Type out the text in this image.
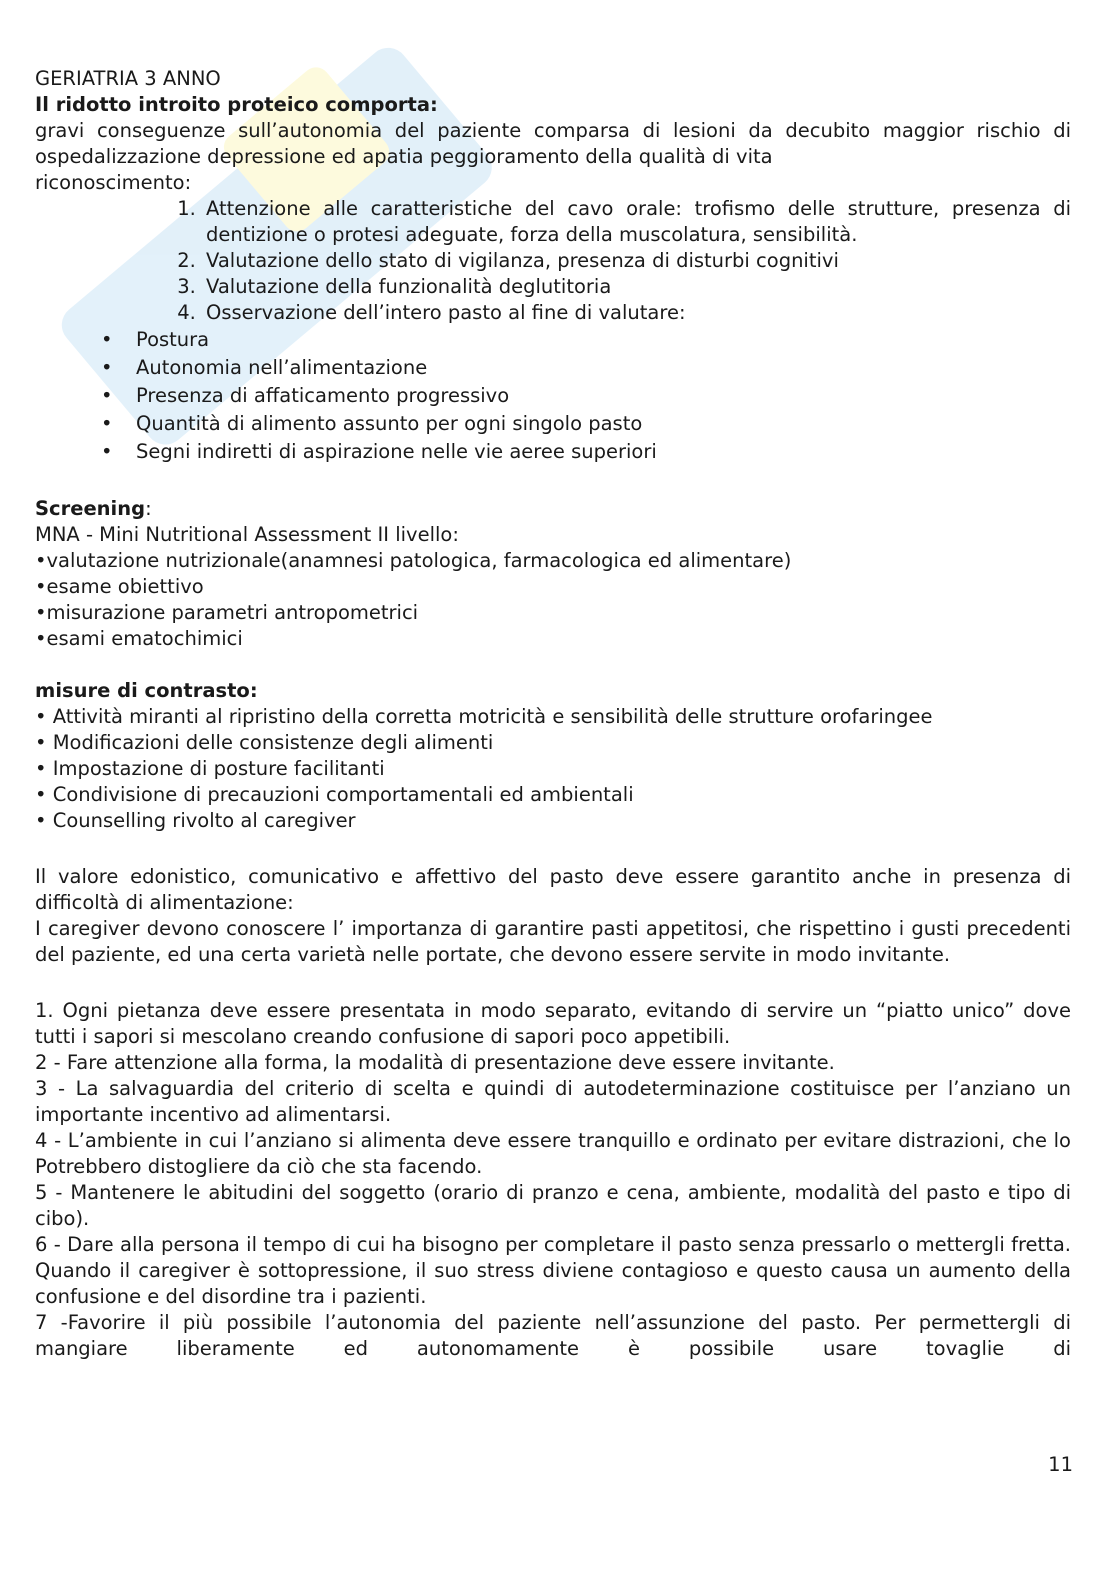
GERIATRIA 3 ANNO

Il ridotto introito proteico comporta:

gravi conseguenze sull’autonomia del paziente comparsa di lesioni da decubito maggior rischio di ospedalizzazione depressione ed apatia peggioramento della qualità di vita

riconoscimento:

1. Attenzione alle caratteristiche del cavo orale: trofismo delle strutture, presenza di dentizione o protesi adeguate, forza della muscolatura, sensibilità.
2. Valutazione dello stato di vigilanza, presenza di disturbi cognitivi
3. Valutazione della funzionalità deglutitoria
4. Osservazione dell’intero pasto al fine di valutare:
• Postura
• Autonomia nell’alimentazione
• Presenza di affaticamento progressivo
• Quantità di alimento assunto per ogni singolo pasto
• Segni indiretti di aspirazione nelle vie aeree superiori

Screening:

MNA - Mini Nutritional Assessment II livello:

•valutazione nutrizionale(anamnesi patologica, farmacologica ed alimentare)

•esame obiettivo

•misurazione parametri antropometrici

•esami ematochimici

misure di contrasto:

• Attività miranti al ripristino della corretta motricità e sensibilità delle strutture orofaringee

• Modificazioni delle consistenze degli alimenti

• Impostazione di posture facilitanti

• Condivisione di precauzioni comportamentali ed ambientali

• Counselling rivolto al caregiver

Il valore edonistico, comunicativo e affettivo del pasto deve essere garantito anche in presenza di difficoltà di alimentazione:

I caregiver devono conoscere l’ importanza di garantire pasti appetitosi, che rispettino i gusti precedenti del paziente, ed una certa varietà nelle portate, che devono essere servite in modo invitante.

1. Ogni pietanza deve essere presentata in modo separato, evitando di servire un “piatto unico” dove tutti i sapori si mescolano creando confusione di sapori poco appetibili.

2 - Fare attenzione alla forma, la modalità di presentazione deve essere invitante.

3 - La salvaguardia del criterio di scelta e quindi di autodeterminazione costituisce per l’anziano un importante incentivo ad alimentarsi.

4 - L’ambiente in cui l’anziano si alimenta deve essere tranquillo e ordinato per evitare distrazioni, che lo Potrebbero distogliere da ciò che sta facendo.

5 - Mantenere le abitudini del soggetto (orario di pranzo e cena, ambiente, modalità del pasto e tipo di cibo).

6 - Dare alla persona il tempo di cui ha bisogno per completare il pasto senza pressarlo o mettergli fretta. Quando il caregiver è sottopressione, il suo stress diviene contagioso e questo causa un aumento della confusione e del disordine tra i pazienti.

7 -Favorire il più possibile l’autonomia del paziente nell’assunzione del pasto. Per permettergli di mangiare liberamente ed autonomamente è possibile usare tovaglie di

11
